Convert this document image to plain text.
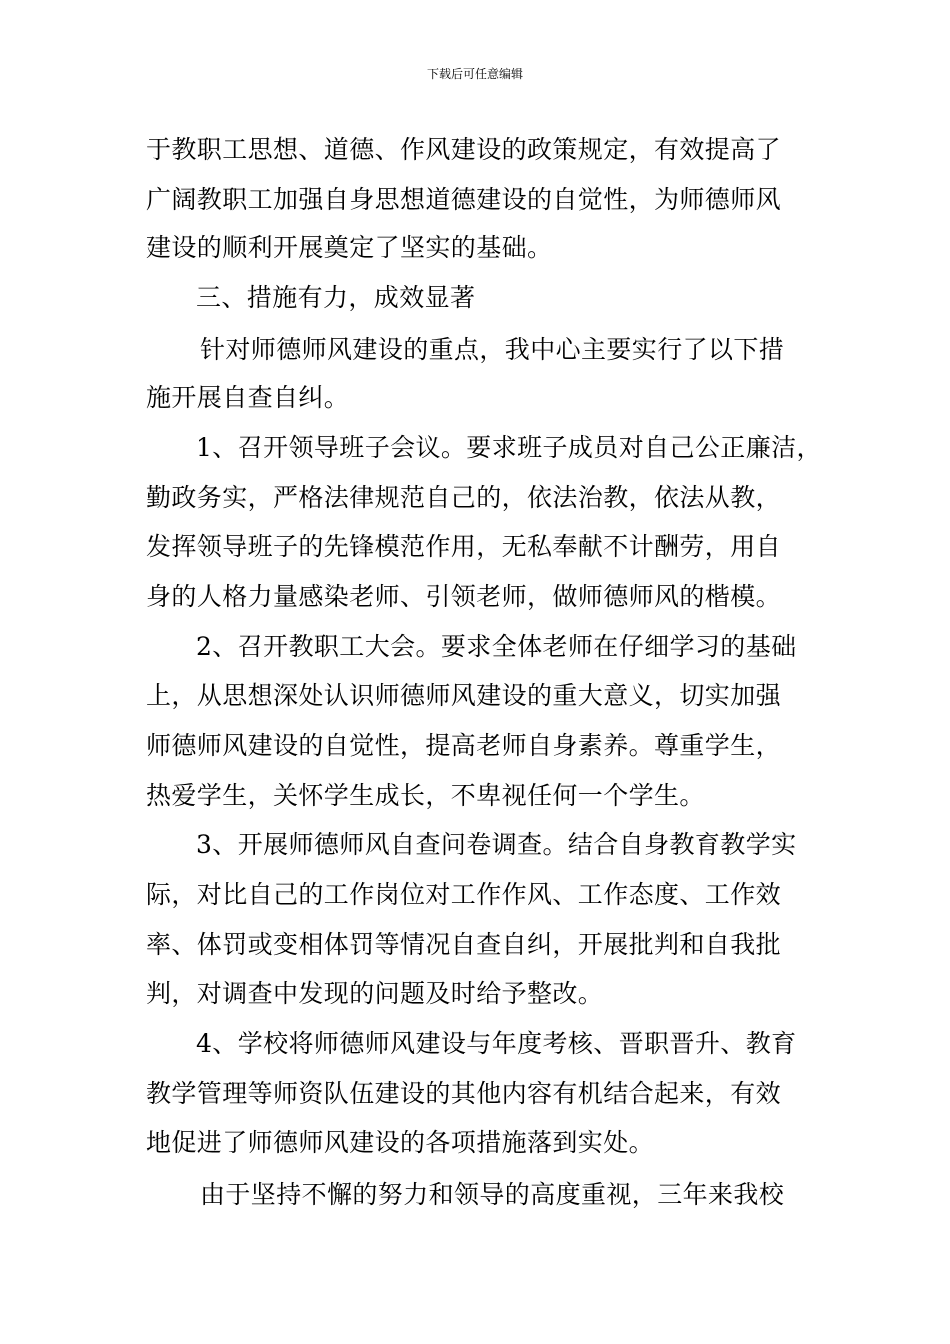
下载后可任意编辑
于教职工思想、道德、作风建设的政策规定，有效提高了
广阔教职工加强自身思想道德建设的自觉性，为师德师风
建设的顺利开展奠定了坚实的基础。
三、措施有力，成效显著
针对师德师风建设的重点，我中心主要实行了以下措
施开展自查自纠。
1、召开领导班子会议。要求班子成员对自己公正廉洁，
勤政务实，严格法律规范自己的，依法治教，依法从教，
发挥领导班子的先锋模范作用，无私奉献不计酬劳，用自
身的人格力量感染老师、引领老师，做师德师风的楷模。
2、召开教职工大会。要求全体老师在仔细学习的基础
上，从思想深处认识师德师风建设的重大意义，切实加强
师德师风建设的自觉性，提高老师自身素养。尊重学生，
热爱学生，关怀学生成长，不卑视任何一个学生。
3、开展师德师风自查问卷调查。结合自身教育教学实
际，对比自己的工作岗位对工作作风、工作态度、工作效
率、体罚或变相体罚等情况自查自纠，开展批判和自我批
判，对调查中发现的问题及时给予整改。
4、学校将师德师风建设与年度考核、晋职晋升、教育
教学管理等师资队伍建设的其他内容有机结合起来，有效
地促进了师德师风建设的各项措施落到实处。
由于坚持不懈的努力和领导的高度重视，三年来我校
